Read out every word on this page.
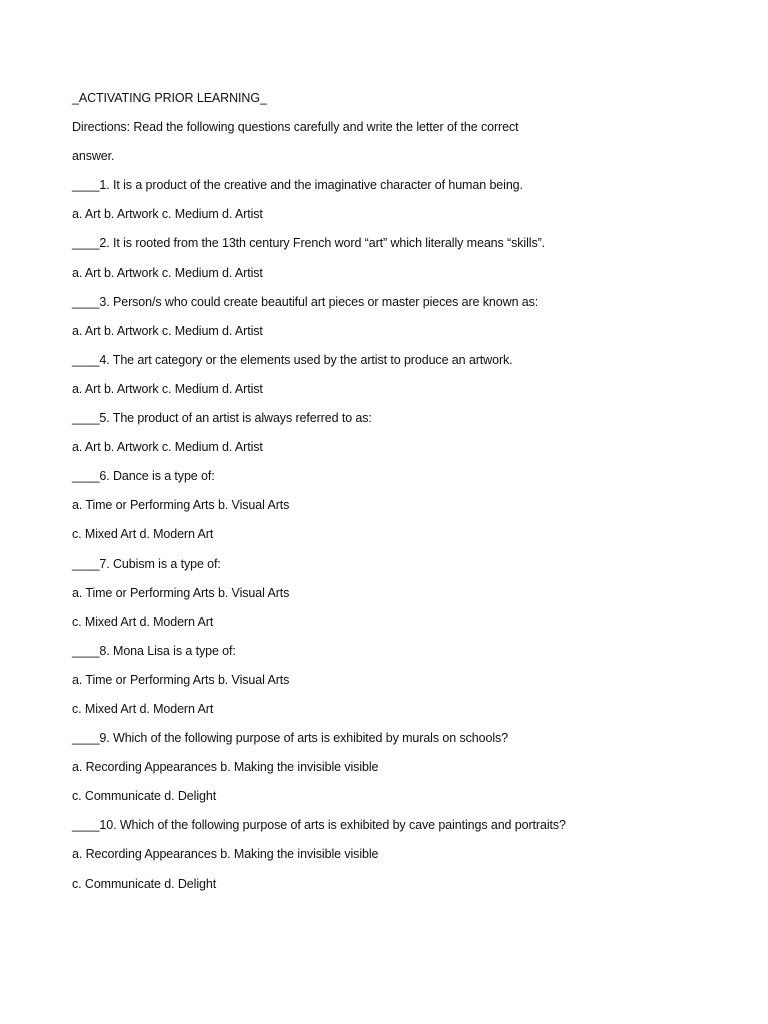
_ACTIVATING PRIOR LEARNING_
Directions: Read the following questions carefully and write the letter of the correct
answer.
____1. It is a product of the creative and the imaginative character of human being.
a. Art b. Artwork c. Medium d. Artist
____2. It is rooted from the 13th century French word “art” which literally means “skills”.
a. Art b. Artwork c. Medium d. Artist
____3. Person/s who could create beautiful art pieces or master pieces are known as:
a. Art b. Artwork c. Medium d. Artist
____4. The art category or the elements used by the artist to produce an artwork.
a. Art b. Artwork c. Medium d. Artist
____5. The product of an artist is always referred to as:
a. Art b. Artwork c. Medium d. Artist
____6. Dance is a type of:
a. Time or Performing Arts b. Visual Arts
c. Mixed Art d. Modern Art
____7. Cubism is a type of:
a. Time or Performing Arts b. Visual Arts
c. Mixed Art d. Modern Art
____8. Mona Lisa is a type of:
a. Time or Performing Arts b. Visual Arts
c. Mixed Art d. Modern Art
____9. Which of the following purpose of arts is exhibited by murals on schools?
a. Recording Appearances b. Making the invisible visible
c. Communicate d. Delight
____10. Which of the following purpose of arts is exhibited by cave paintings and portraits?
a. Recording Appearances b. Making the invisible visible
c. Communicate d. Delight
